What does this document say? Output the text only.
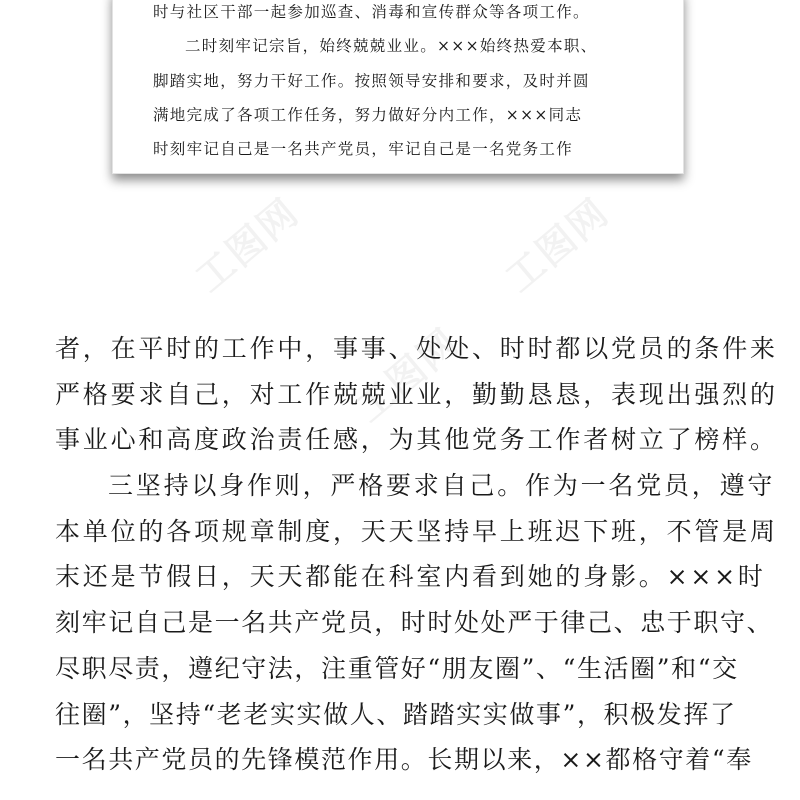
时与社区干部一起参加巡查、消毒和宣传群众等各项工作。
二时刻牢记宗旨，始终兢兢业业。×××始终热爱本职、
脚踏实地，努力干好工作。按照领导安排和要求，及时并圆
满地完成了各项工作任务，努力做好分内工作，×××同志
时刻牢记自己是一名共产党员，牢记自己是一名党务工作
工图网	工图网
工图网
者，在平时的工作中，事事、处处、时时都以党员的条件来
严格要求自己，对工作兢兢业业，勤勤恳恳，表现出强烈的
事业心和高度政治责任感，为其他党务工作者树立了榜样。
三坚持以身作则，严格要求自己。作为一名党员，遵守
本单位的各项规章制度，天天坚持早上班迟下班，不管是周
末还是节假日，天天都能在科室内看到她的身影。×××时
刻牢记自己是一名共产党员，时时处处严于律己、忠于职守、
尽职尽责，遵纪守法，注重管好“朋友圈”、“生活圈”和“交
往圈”，坚持“老老实实做人、踏踏实实做事”，积极发挥了
一名共产党员的先锋模范作用。长期以来，××都格守着“奉
